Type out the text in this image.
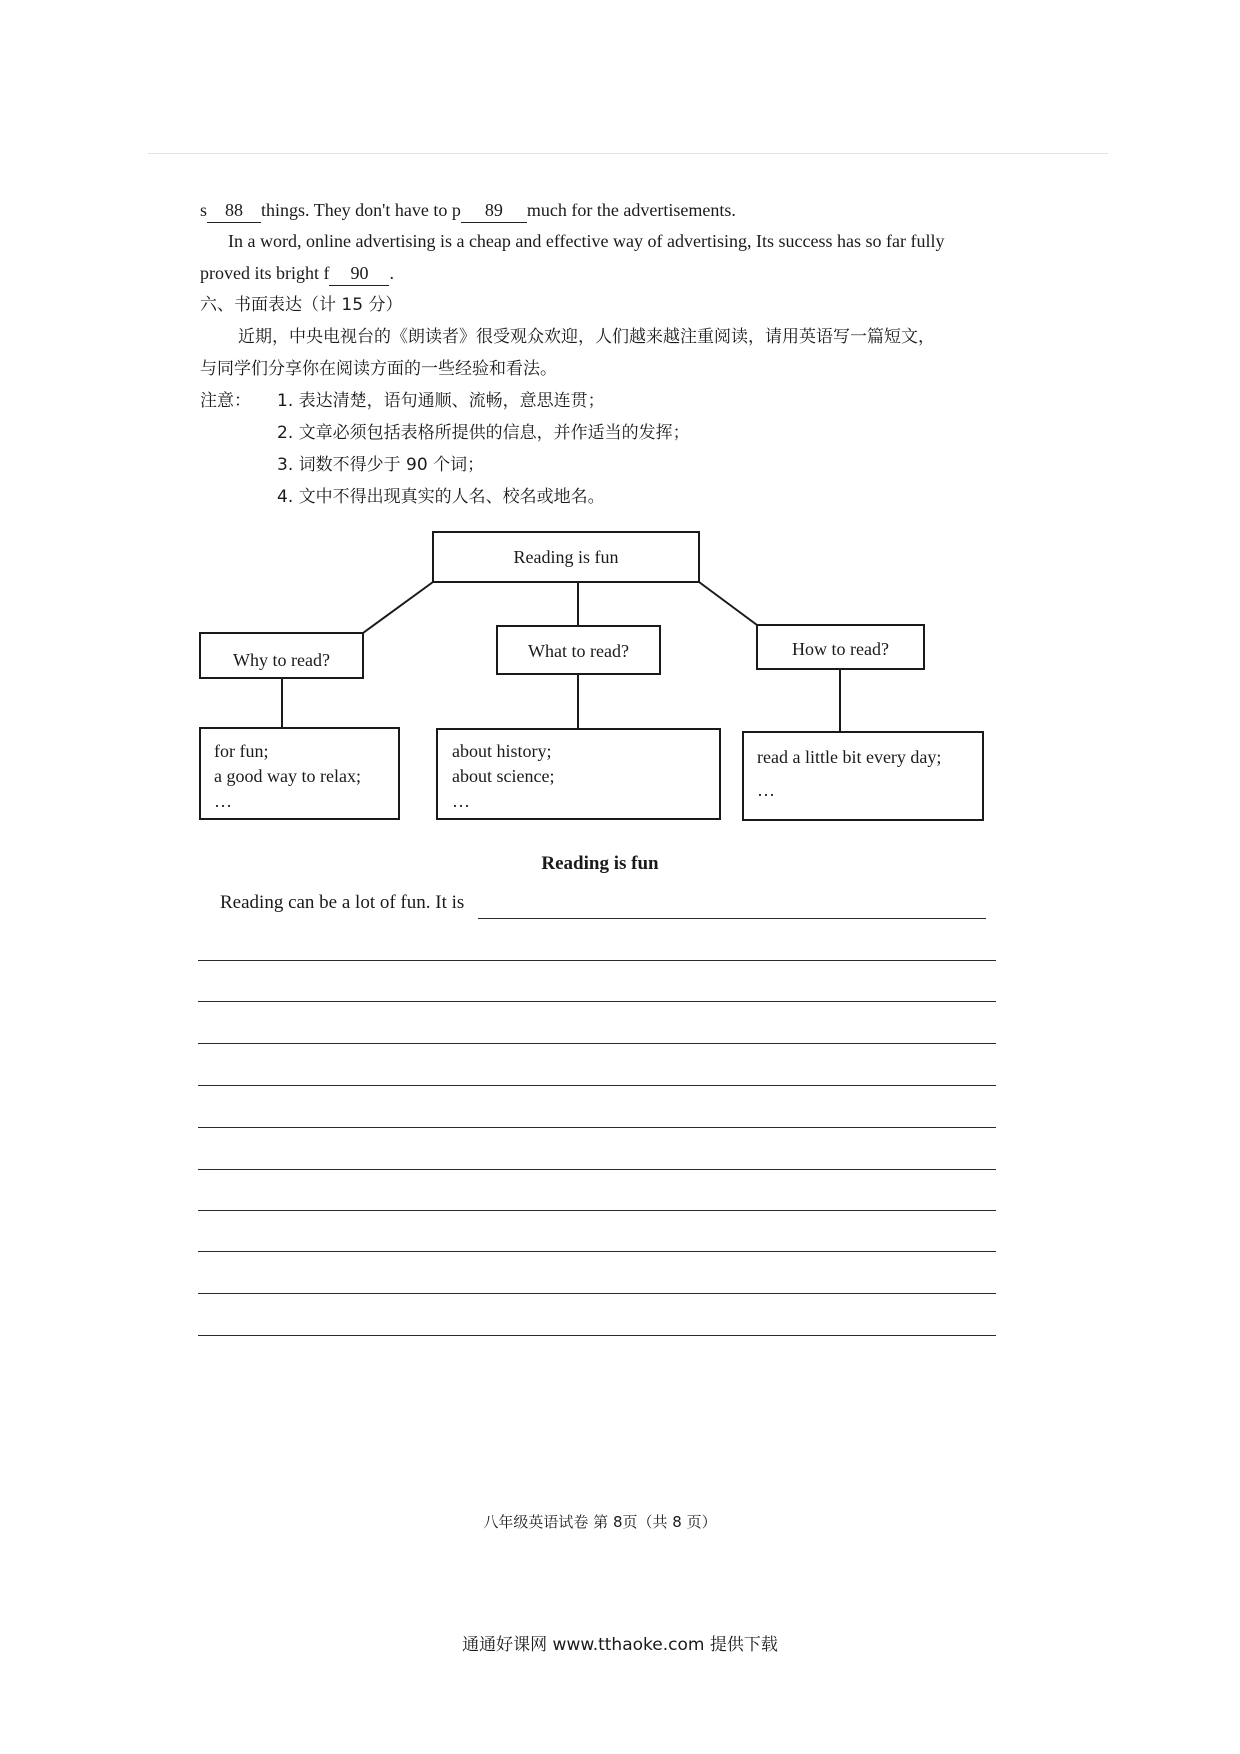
s 88 things. They don't have to p 89 much for the advertisements.
In a word, online advertising is a cheap and effective way of advertising, Its success has so far fully
proved its bright f 90 .
六、书面表达（计 15 分）
近期，中央电视台的《朗读者》很受观众欢迎，人们越来越注重阅读，请用英语写一篇短文，
与同学们分享你在阅读方面的一些经验和看法。
注意： 1. 表达清楚，语句通顺、流畅，意思连贯；
2. 文章必须包括表格所提供的信息，并作适当的发挥；
3. 词数不得少于 90 个词；
4. 文中不得出现真实的人名、校名或地名。
Reading is fun
Why to read?	What to read?	How to read?
for fun;
a good way to relax;
…
about history;
about science;
…
read a little bit every day;
…
Reading is fun
Reading can be a lot of fun. It is
八年级英语试卷 第 8页（共 8 页）
通通好课网 www.tthaoke.com 提供下载
